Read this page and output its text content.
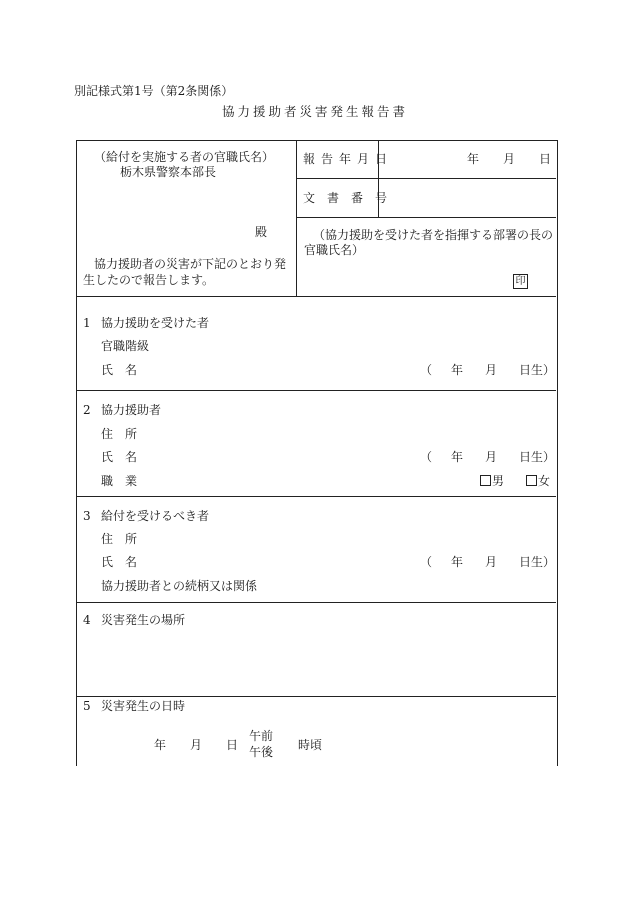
別記様式第1号（第2条関係）
協力援助者災害発生報告書
（給付を実施する者の官職氏名）
栃木県警察本部長
殿
協力援助者の災害が下記のとおり発
生したので報告します。
報告年月日	年 月 日
文書番号
（協力援助を受けた者を指揮する部署の長の
官職氏名）
印
1 協力援助を受けた者
官職階級
氏　名	（ 年 月 日生）
2 協力援助者
住　所
氏　名	（ 年 月 日生）
職　業	男	女
3 給付を受けるべき者
住　所
氏　名	（ 年 月 日生）
協力援助者との続柄又は関係
4 災害発生の場所
5 災害発生の日時
年 月 日
午前
午後 時頃
